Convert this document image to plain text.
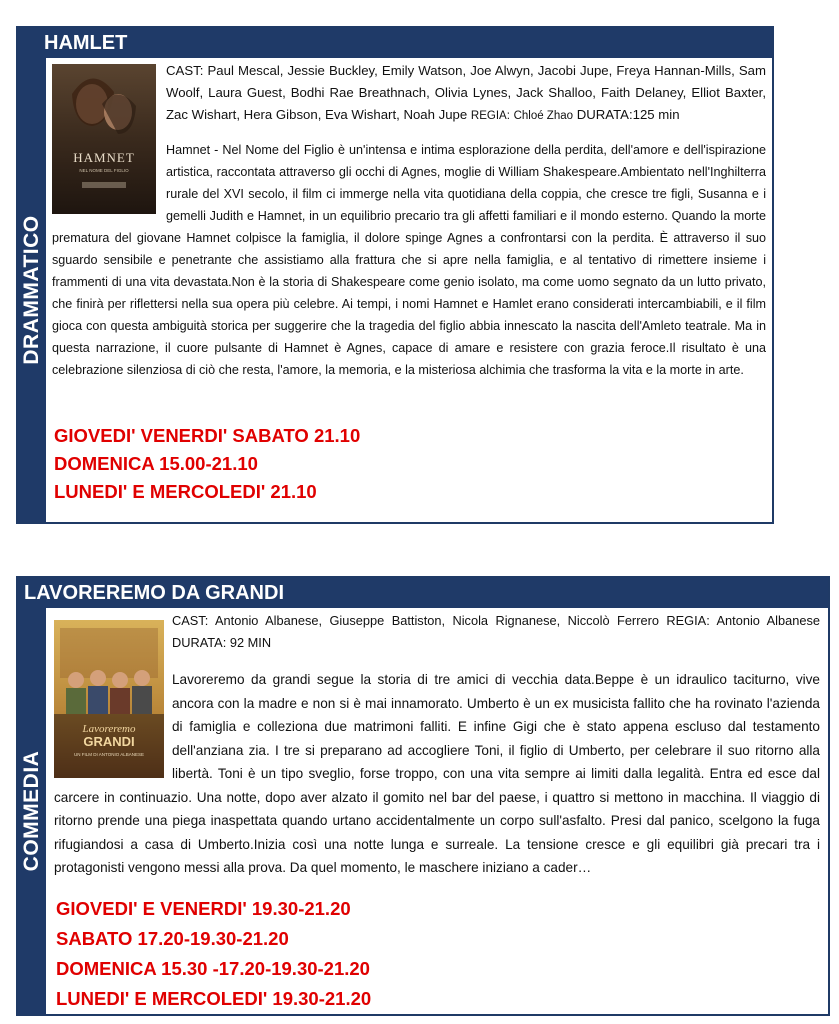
HAMLET
DRAMMATICO
HAMNET
NEL NOME DEL FIGLIO

CAST: Paul Mescal, Jessie Buckley, Emily Watson, Joe Alwyn, Jacobi Jupe, Freya Hannan-Mills, Sam Woolf, Laura Guest, Bodhi Rae Breathnach, Olivia Lynes, Jack Shalloo, Faith Delaney, Elliot Baxter, Zac Wishart, Hera Gibson, Eva Wishart, Noah Jupe REGIA: Chloé Zhao DURATA:125 min

Hamnet - Nel Nome del Figlio è un'intensa e intima esplorazione della perdita, dell'amore e dell'ispirazione artistica, raccontata attraverso gli occhi di Agnes, moglie di William Shakespeare.Ambientato nell'Inghilterra rurale del XVI secolo, il film ci immerge nella vita quotidiana della coppia, che cresce tre figli, Susanna e i gemelli Judith e Hamnet, in un equilibrio precario tra gli affetti familiari e il mondo esterno. Quando la morte prematura del giovane Hamnet colpisce la famiglia, il dolore spinge Agnes a confrontarsi con la perdita. È attraverso il suo sguardo sensibile e penetrante che assistiamo alla frattura che si apre nella famiglia, e al tentativo di rimettere insieme i frammenti di una vita devastata.Non è la storia di Shakespeare come genio isolato, ma come uomo segnato da un lutto privato, che finirà per riflettersi nella sua opera più celebre. Ai tempi, i nomi Hamnet e Hamlet erano considerati intercambiabili, e il film gioca con questa ambiguità storica per suggerire che la tragedia del figlio abbia innescato la nascita dell'Amleto teatrale. Ma in questa narrazione, il cuore pulsante di Hamnet è Agnes, capace di amare e resistere con grazia feroce.Il risultato è una celebrazione silenziosa di ciò che resta, l'amore, la memoria, e la misteriosa alchimia che trasforma la vita e la morte in arte.

GIOVEDI' VENERDI' SABATO 21.10
DOMENICA 15.00-21.10
LUNEDI' E MERCOLEDI' 21.10
LAVOREREMO DA GRANDI
COMMEDIA
Lavoreremo
GRANDI
UN FILM DI ANTONIO ALBANESE

CAST: Antonio Albanese, Giuseppe Battiston, Nicola Rignanese, Niccolò Ferrero REGIA: Antonio Albanese DURATA: 92 MIN

Lavoreremo da grandi segue la storia di tre amici di vecchia data.Beppe è un idraulico taciturno, vive ancora con la madre e non si è mai innamorato. Umberto è un ex musicista fallito che ha rovinato l'azienda di famiglia e colleziona due matrimoni falliti. E infine Gigi che è stato appena escluso dal testamento dell'anziana zia. I tre si preparano ad accogliere Toni, il figlio di Umberto, per celebrare il suo ritorno alla libertà. Toni è un tipo sveglio, forse troppo, con una vita sempre ai limiti dalla legalità. Entra ed esce dal carcere in continuazio. Una notte, dopo aver alzato il gomito nel bar del paese, i quattro si mettono in macchina. Il viaggio di ritorno prende una piega inaspettata quando urtano accidentalmente un corpo sull'asfalto. Presi dal panico, scelgono la fuga rifugiandosi a casa di Umberto.Inizia così una notte lunga e surreale. La tensione cresce e gli equilibri già precari tra i protagonisti vengono messi alla prova. Da quel momento, le maschere iniziano a cader…

GIOVEDI' E VENERDI' 19.30-21.20
SABATO 17.20-19.30-21.20
DOMENICA 15.30 -17.20-19.30-21.20
LUNEDI' E MERCOLEDI' 19.30-21.20
